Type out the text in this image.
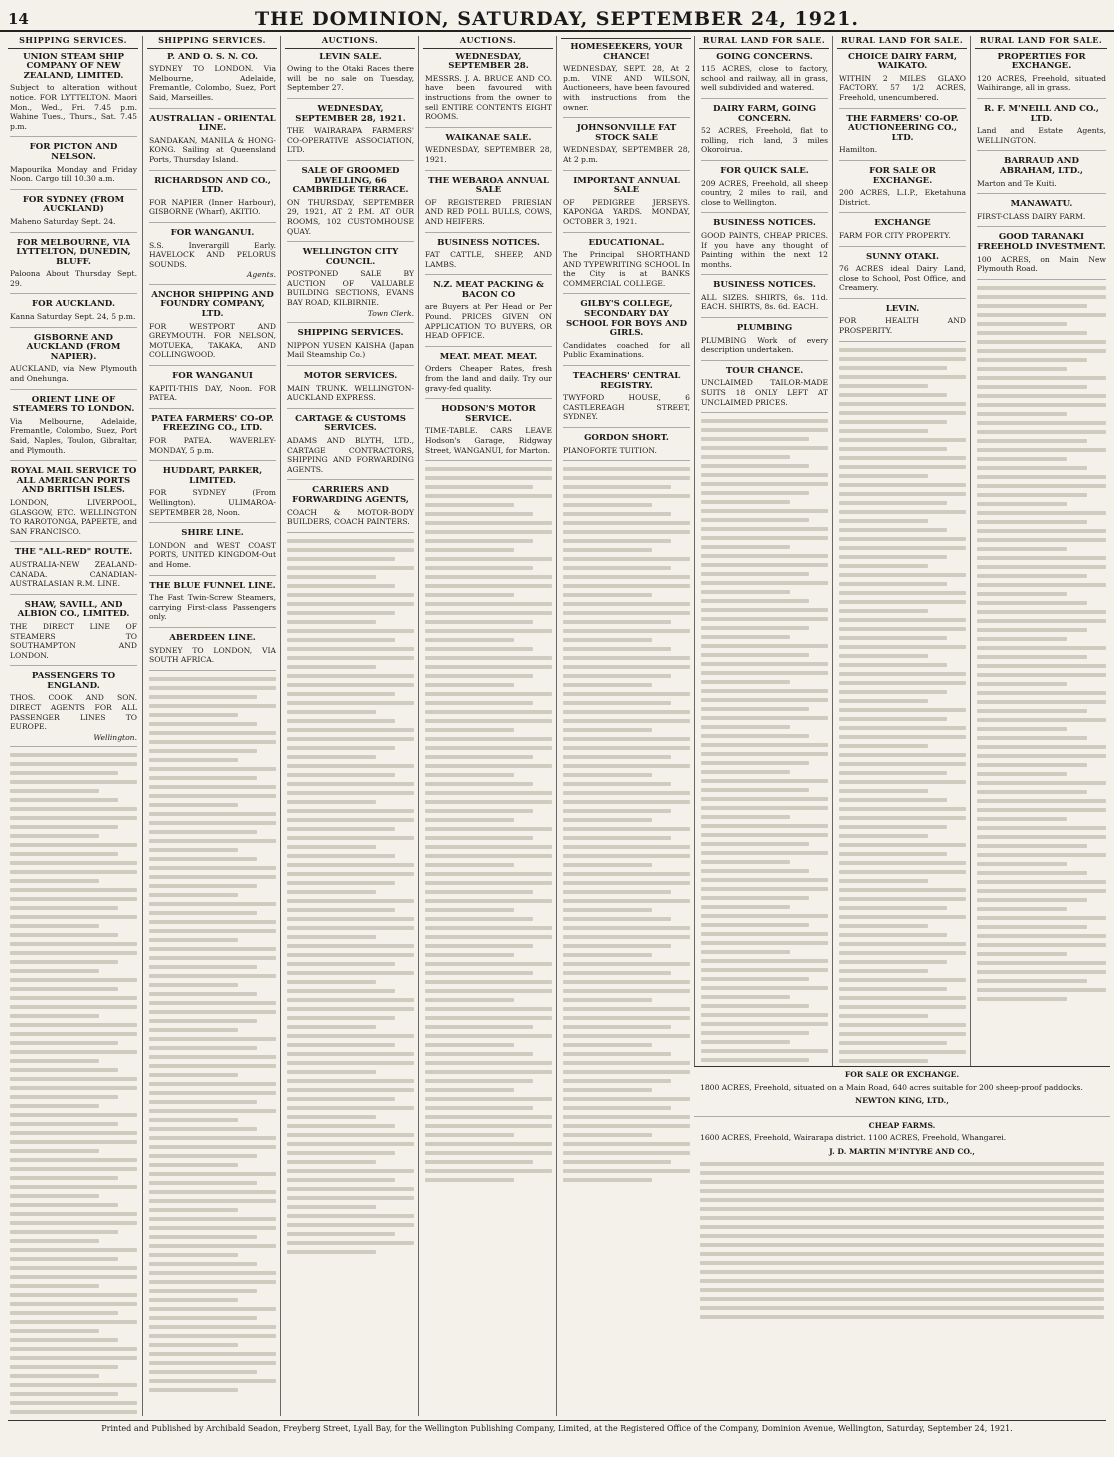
14	THE DOMINION, SATURDAY, SEPTEMBER 24, 1921.
SHIPPING SERVICES.
UNION STEAM SHIP COMPANY OF NEW ZEALAND, LIMITED.
Subject to alteration without notice. FOR LYTTELTON. Maori Mon., Wed., Fri. 7.45 p.m. Wahine Tues., Thurs., Sat. 7.45 p.m.
FOR PICTON AND NELSON.
Mapourika Monday and Friday Noon. Cargo till 10.30 a.m.
FOR SYDNEY (FROM AUCKLAND)
Maheno Saturday Sept. 24.
FOR MELBOURNE, VIA LYTTELTON, DUNEDIN, BLUFF.
Paloona About Thursday Sept. 29.
FOR AUCKLAND.
Kanna Saturday Sept. 24, 5 p.m.
GISBORNE AND AUCKLAND (FROM NAPIER).
AUCKLAND, via New Plymouth and Onehunga.
ORIENT LINE OF STEAMERS TO LONDON.
Via Melbourne, Adelaide, Fremantle, Colombo, Suez, Port Said, Naples, Toulon, Gibraltar, and Plymouth.
ROYAL MAIL SERVICE TO ALL AMERICAN PORTS AND BRITISH ISLES.
LONDON, LIVERPOOL, GLASGOW, ETC. WELLINGTON TO RAROTONGA, PAPEETE, and SAN FRANCISCO.
THE "ALL-RED" ROUTE.
AUSTRALIA-NEW ZEALAND-CANADA. CANADIAN-AUSTRALASIAN R.M. LINE.
SHAW, SAVILL, AND ALBION CO., LIMITED.
THE DIRECT LINE OF STEAMERS TO SOUTHAMPTON AND LONDON.
PASSENGERS TO ENGLAND.
THOS. COOK AND SON. DIRECT AGENTS FOR ALL PASSENGER LINES TO EUROPE.
Wellington.
SHIPPING SERVICES.
P. AND O. S. N. CO.
SYDNEY TO LONDON. Via Melbourne, Adelaide, Fremantle, Colombo, Suez, Port Said, Marseilles.
AUSTRALIAN - ORIENTAL LINE.
SANDAKAN, MANILA & HONG-KONG. Sailing at Queensland Ports, Thursday Island.
RICHARDSON AND CO., LTD.
FOR NAPIER (Inner Harbour), GISBORNE (Wharf), AKITIO.
FOR WANGANUI.
S.S. Inverargill Early. HAVELOCK AND PELORUS SOUNDS.
Agents.
ANCHOR SHIPPING AND FOUNDRY COMPANY, LTD.
FOR WESTPORT AND GREYMOUTH. FOR NELSON, MOTUEKA, TAKAKA, AND COLLINGWOOD.
FOR WANGANUI
KAPITI-THIS DAY, Noon. FOR PATEA.
PATEA FARMERS' CO-OP. FREEZING CO., LTD.
FOR PATEA. WAVERLEY-MONDAY, 5 p.m.
HUDDART, PARKER, LIMITED.
FOR SYDNEY (From Wellington). ULIMAROA-SEPTEMBER 28, Noon.
SHIRE LINE.
LONDON and WEST COAST PORTS, UNITED KINGDOM-Out and Home.
THE BLUE FUNNEL LINE.
The Fast Twin-Screw Steamers, carrying First-class Passengers only.
ABERDEEN LINE.
SYDNEY TO LONDON, VIA SOUTH AFRICA.
AUCTIONS.
LEVIN SALE.
Owing to the Otaki Races there will be no sale on Tuesday, September 27.
WEDNESDAY, SEPTEMBER 28, 1921.
THE WAIRARAPA FARMERS' CO-OPERATIVE ASSOCIATION, LTD.
SALE OF GROOMED DWELLING, 66 CAMBRIDGE TERRACE.
ON THURSDAY, SEPTEMBER 29, 1921, AT 2 P.M. AT OUR ROOMS, 102 CUSTOMHOUSE QUAY.
WELLINGTON CITY COUNCIL.
POSTPONED SALE BY AUCTION OF VALUABLE BUILDING SECTIONS, EVANS BAY ROAD, KILBIRNIE.
Town Clerk.
SHIPPING SERVICES.
NIPPON YUSEN KAISHA (Japan Mail Steamship Co.)
MOTOR SERVICES.
MAIN TRUNK. WELLINGTON-AUCKLAND EXPRESS.
CARTAGE & CUSTOMS SERVICES.
ADAMS AND BLYTH, LTD., CARTAGE CONTRACTORS, SHIPPING AND FORWARDING AGENTS.
CARRIERS AND FORWARDING AGENTS,
COACH & MOTOR-BODY BUILDERS, COACH PAINTERS.
AUCTIONS.
WEDNESDAY, SEPTEMBER 28.
MESSRS. J. A. BRUCE AND CO. have been favoured with instructions from the owner to sell ENTIRE CONTENTS EIGHT ROOMS.
WAIKANAE SALE.
WEDNESDAY, SEPTEMBER 28, 1921.
THE WEBAROA ANNUAL SALE
OF REGISTERED FRIESIAN AND RED POLL BULLS, COWS, AND HEIFERS.
BUSINESS NOTICES.
FAT CATTLE, SHEEP, AND LAMBS.
N.Z. MEAT PACKING & BACON CO
are Buyers at Per Head or Per Pound. PRICES GIVEN ON APPLICATION TO BUYERS, OR HEAD OFFICE.
MEAT. MEAT. MEAT.
Orders Cheaper Rates, fresh from the land and daily. Try our gravy-fed quality.
HODSON'S MOTOR SERVICE.
TIME-TABLE. CARS LEAVE Hodson's Garage, Ridgway Street, WANGANUI, for Marton.
HOMESEEKERS, YOUR CHANCE!
WEDNESDAY, SEPT. 28, At 2 p.m. VINE AND WILSON, Auctioneers, have been favoured with instructions from the owner.
JOHNSONVILLE FAT STOCK SALE
WEDNESDAY, SEPTEMBER 28, At 2 p.m.
IMPORTANT ANNUAL SALE
OF PEDIGREE JERSEYS. KAPONGA YARDS. MONDAY, OCTOBER 3, 1921.
EDUCATIONAL.
The Principal SHORTHAND AND TYPEWRITING SCHOOL In the City is at BANKS COMMERCIAL COLLEGE.
GILBY'S COLLEGE, SECONDARY DAY SCHOOL FOR BOYS AND GIRLS.
Candidates coached for all Public Examinations.
TEACHERS' CENTRAL REGISTRY.
TWYFORD HOUSE, 6 CASTLEREAGH STREET, SYDNEY.
GORDON SHORT.
PIANOFORTE TUITION.
RURAL LAND FOR SALE.
GOING CONCERNS.
115 ACRES, close to factory, school and railway, all in grass, well subdivided and watered.
DAIRY FARM, GOING CONCERN.
52 ACRES, Freehold, flat to rolling, rich land, 3 miles Okoroirua.
FOR QUICK SALE.
209 ACRES, Freehold, all sheep country, 2 miles to rail, and close to Wellington.
BUSINESS NOTICES.
GOOD PAINTS, CHEAP PRICES. If you have any thought of Painting within the next 12 months.
BUSINESS NOTICES.
ALL SIZES. SHIRTS, 6s. 11d. EACH. SHIRTS, 8s. 6d. EACH.
PLUMBING
PLUMBING Work of every description undertaken.
TOUR CHANCE.
UNCLAIMED TAILOR-MADE SUITS 18 ONLY LEFT AT UNCLAIMED PRICES.
RURAL LAND FOR SALE.
CHOICE DAIRY FARM, WAIKATO.
WITHIN 2 MILES GLAXO FACTORY. 57 1/2 ACRES, Freehold, unencumbered.
THE FARMERS' CO-OP. AUCTIONEERING CO., LTD.
Hamilton.
FOR SALE OR EXCHANGE.
200 ACRES, L.I.P., Eketahuna District.
EXCHANGE
FARM FOR CITY PROPERTY.
SUNNY OTAKI.
76 ACRES ideal Dairy Land, close to School, Post Office, and Creamery.
LEVIN.
FOR HEALTH AND PROSPERITY.
RURAL LAND FOR SALE.
PROPERTIES FOR EXCHANGE.
120 ACRES, Freehold, situated Waihirange, all in grass.
R. F. M'NEILL AND CO., LTD.
Land and Estate Agents, WELLINGTON.
BARRAUD AND ABRAHAM, LTD.,
Marton and Te Kuiti.
MANAWATU.
FIRST-CLASS DAIRY FARM.
GOOD TARANAKI FREEHOLD INVESTMENT.
100 ACRES, on Main New Plymouth Road.
FOR SALE OR EXCHANGE.
1800 ACRES, Freehold, situated on a Main Road, 640 acres suitable for 200 sheep-proof paddocks.
NEWTON KING, LTD.,
CHEAP FARMS.
1600 ACRES, Freehold, Wairarapa district. 1100 ACRES, Freehold, Whangarei.
J. D. MARTIN M'INTYRE AND CO.,
Printed and Published by Archibald Seadon, Freyberg Street, Lyall Bay, for the Wellington Publishing Company, Limited, at the Registered Office of the Company, Dominion Avenue, Wellington, Saturday, September 24, 1921.
